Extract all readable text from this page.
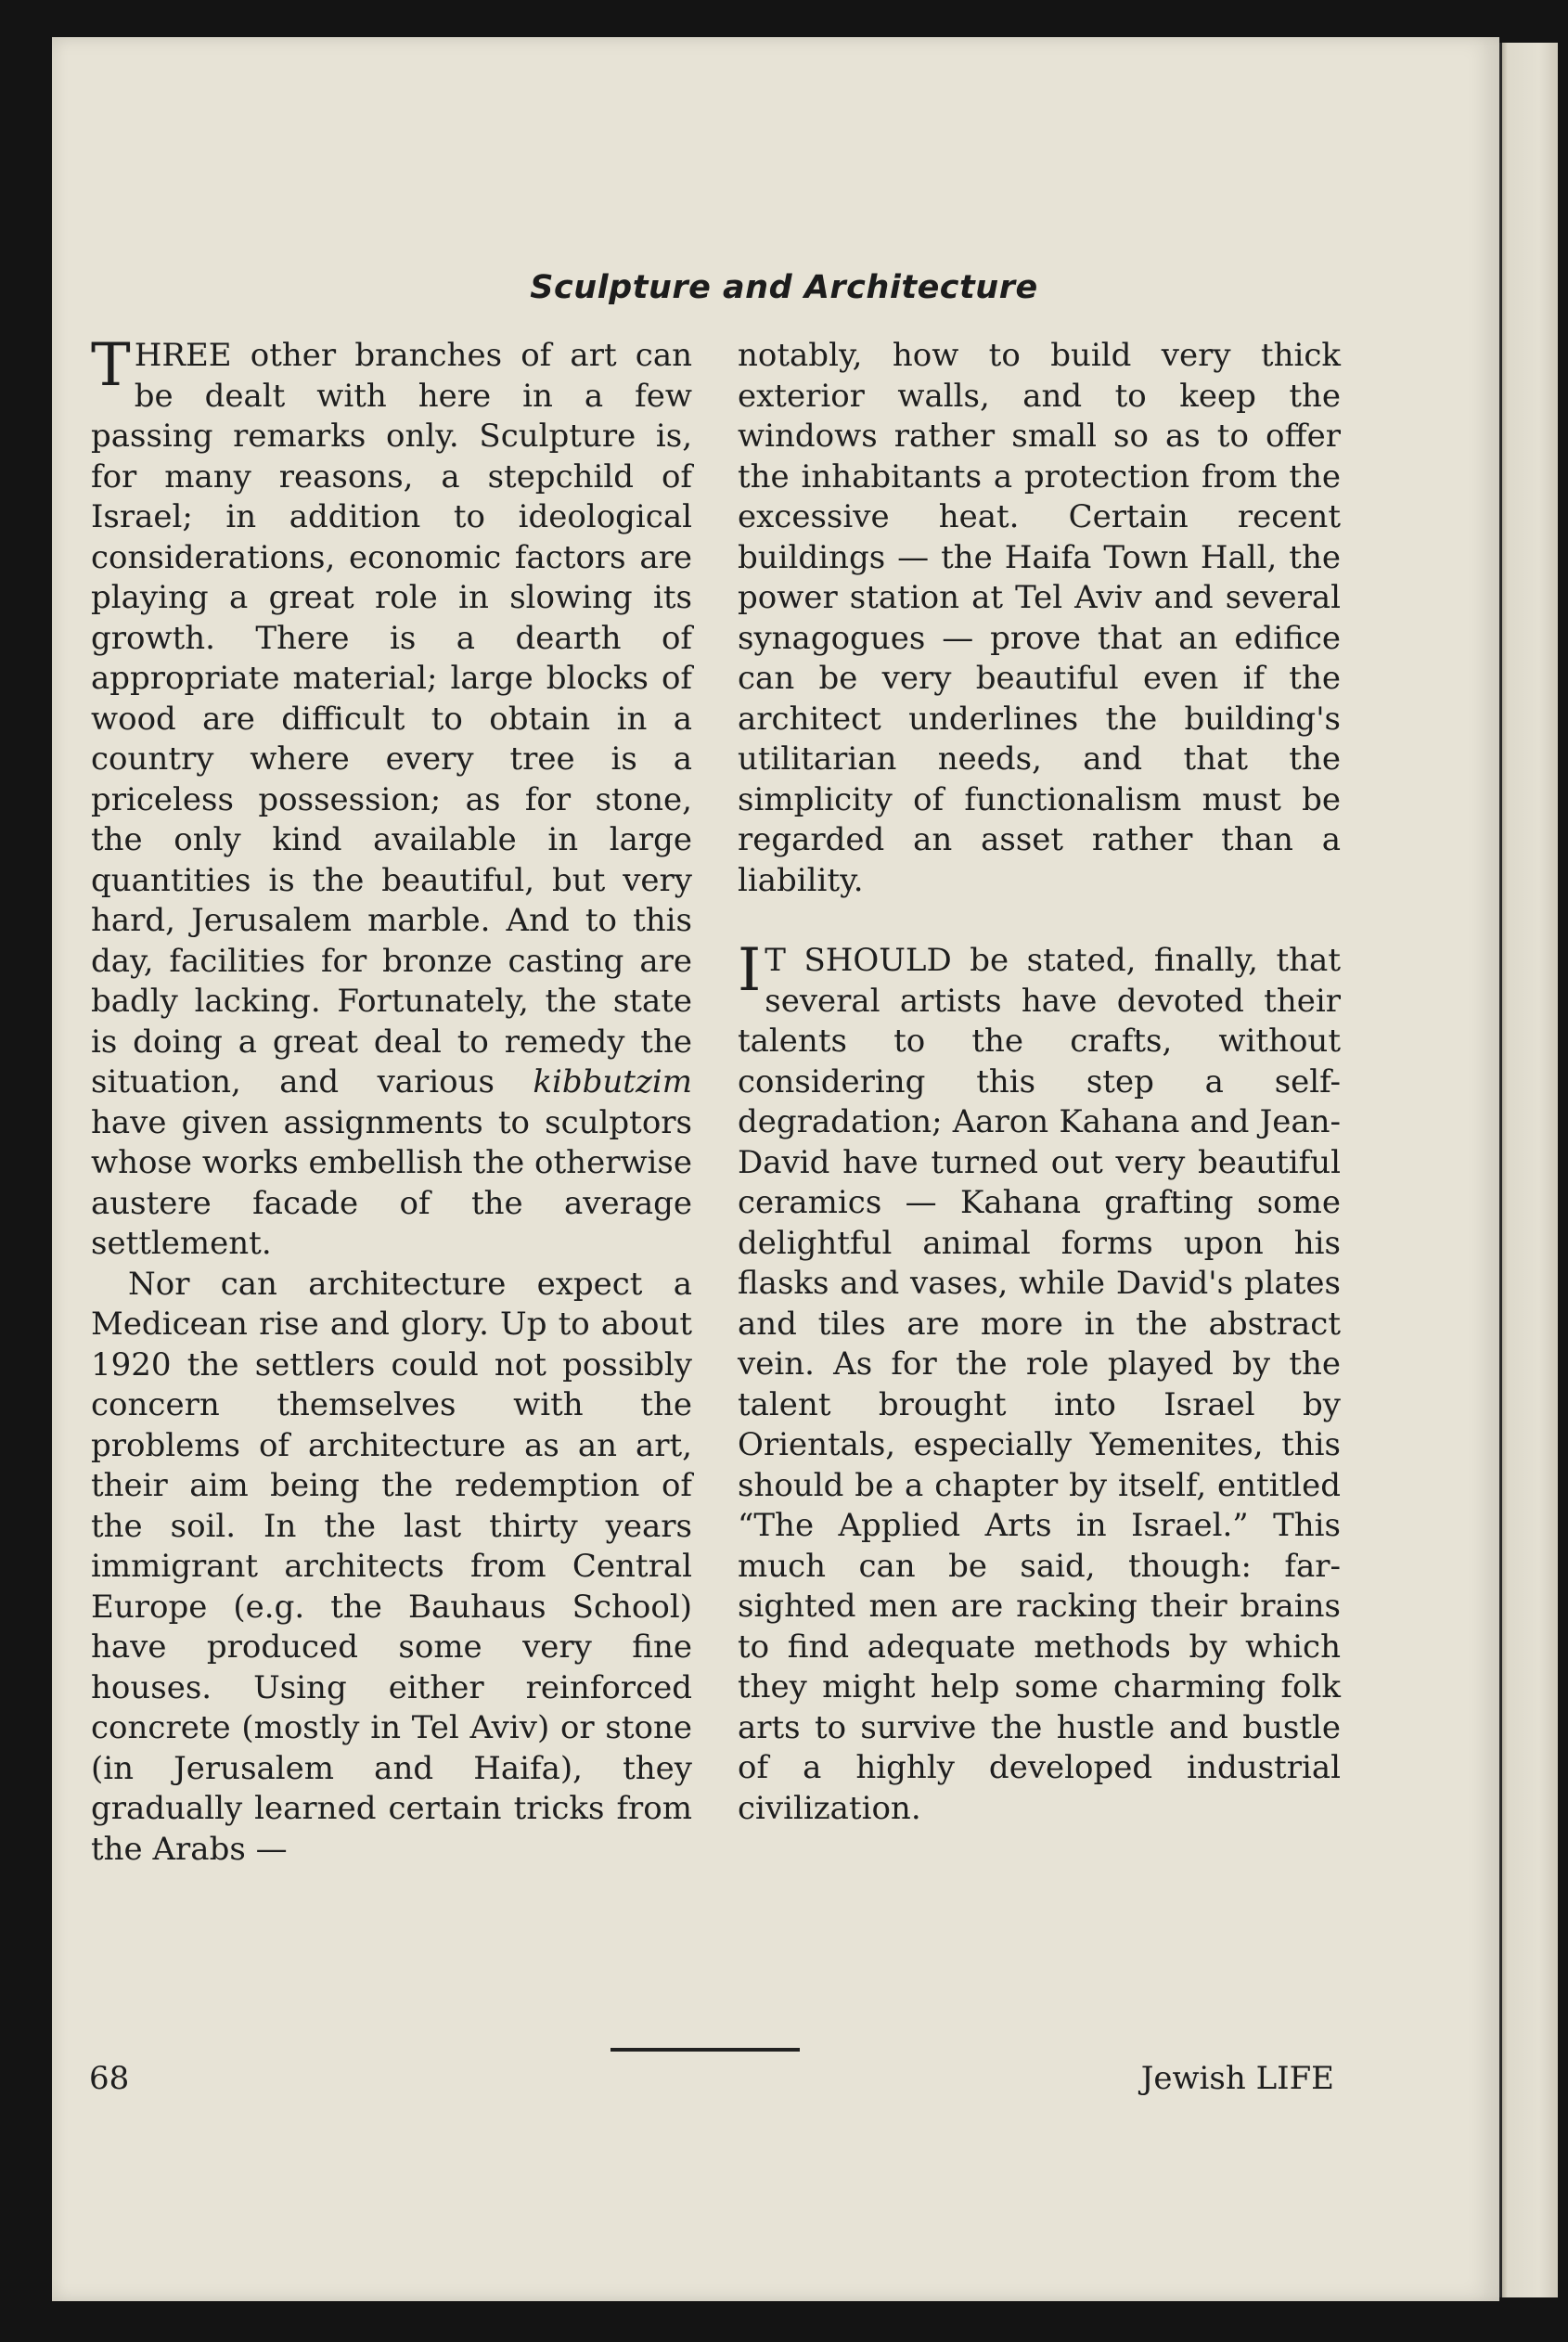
Sculpture and Architecture

THREE other branches of art can be dealt with here in a few passing remarks only. Sculpture is, for many reasons, a stepchild of Israel; in addition to ideological considerations, economic factors are playing a great role in slowing its growth. There is a dearth of appropriate material; large blocks of wood are difficult to obtain in a country where every tree is a priceless possession; as for stone, the only kind available in large quantities is the beautiful, but very hard, Jerusalem marble. And to this day, facilities for bronze casting are badly lacking. Fortunately, the state is doing a great deal to remedy the situation, and various kibbutzim have given assignments to sculptors whose works embellish the otherwise austere facade of the average settlement.

Nor can architecture expect a Medicean rise and glory. Up to about 1920 the settlers could not possibly concern themselves with the problems of architecture as an art, their aim being the redemption of the soil. In the last thirty years immigrant architects from Central Europe (e.g. the Bauhaus School) have produced some very fine houses. Using either reinforced concrete (mostly in Tel Aviv) or stone (in Jerusalem and Haifa), they gradually learned certain tricks from the Arabs —

notably, how to build very thick exterior walls, and to keep the windows rather small so as to offer the inhabitants a protection from the excessive heat. Certain recent buildings — the Haifa Town Hall, the power station at Tel Aviv and several synagogues — prove that an edifice can be very beautiful even if the architect underlines the building's utilitarian needs, and that the simplicity of functionalism must be regarded an asset rather than a liability.

I T SHOULD be stated, finally, that several artists have devoted their talents to the crafts, without considering this step a self-degradation; Aaron Kahana and Jean-David have turned out very beautiful ceramics — Kahana grafting some delightful animal forms upon his flasks and vases, while David's plates and tiles are more in the abstract vein. As for the role played by the talent brought into Israel by Orientals, especially Yemenites, this should be a chapter by itself, entitled “The Applied Arts in Israel.” This much can be said, though: far-sighted men are racking their brains to find adequate methods by which they might help some charming folk arts to survive the hustle and bustle of a highly developed industrial civilization.

68	Jewish LIFE
